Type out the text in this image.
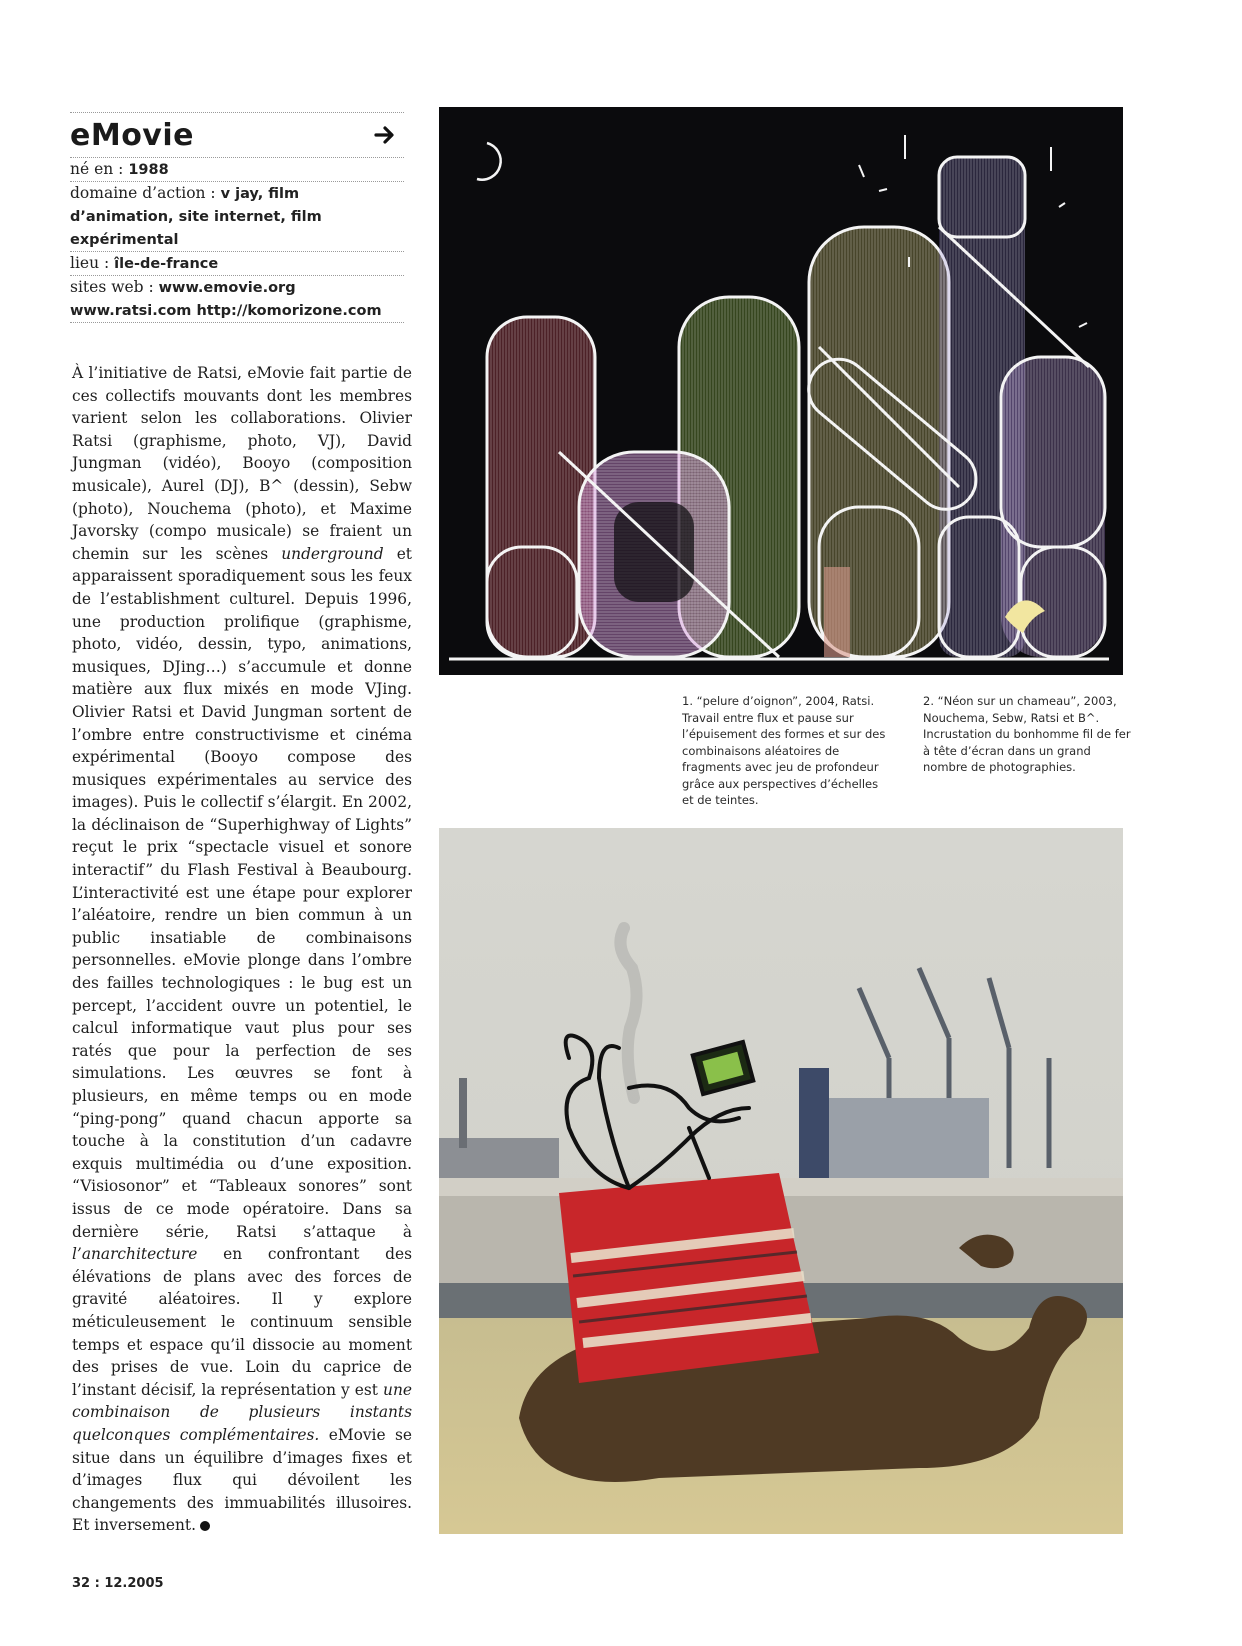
eMovie
né en : 1988
domaine d’action : v jay, film d’animation, site internet, film expérimental
lieu : île-de-france
sites web : www.emovie.org www.ratsi.com http://komorizone.com

À l’initiative de Ratsi, eMovie fait partie de ces collectifs mouvants dont les membres varient selon les collaborations. Olivier Ratsi (graphisme, photo, VJ), David Jungman (vidéo), Booyo (composition musicale), Aurel (DJ), B^ (dessin), Sebw (photo), Nouchema (photo), et Maxime Javorsky (compo musicale) se fraient un chemin sur les scènes underground et apparaissent sporadiquement sous les feux de l’establishment culturel. Depuis 1996, une production prolifique (graphisme, photo, vidéo, dessin, typo, animations, musiques, DJing…) s’accumule et donne matière aux flux mixés en mode VJing. Olivier Ratsi et David Jungman sortent de l’ombre entre constructivisme et cinéma expérimental (Booyo compose des musiques expérimentales au service des images). Puis le collectif s’élargit. En 2002, la déclinaison de “Superhighway of Lights” reçut le prix “spectacle visuel et sonore interactif” du Flash Festival à Beaubourg. L’interactivité est une étape pour explorer l’aléatoire, rendre un bien commun à un public insatiable de combinaisons personnelles. eMovie plonge dans l’ombre des failles technologiques : le bug est un percept, l’accident ouvre un potentiel, le calcul informatique vaut plus pour ses ratés que pour la perfection de ses simulations. Les œuvres se font à plusieurs, en même temps ou en mode “ping-pong” quand chacun apporte sa touche à la constitution d’un cadavre exquis multimédia ou d’une exposition. “Visiosonor” et “Tableaux sonores” sont issus de ce mode opératoire. Dans sa dernière série, Ratsi s’attaque à l’anarchitecture en confrontant des élévations de plans avec des forces de gravité aléatoires. Il y explore méticuleusement le continuum sensible temps et espace qu’il dissocie au moment des prises de vue. Loin du caprice de l’instant décisif, la représentation y est une combinaison de plusieurs instants quelconques complémentaires. eMovie se situe dans un équilibre d’images fixes et d’images flux qui dévoilent les changements des immuabilités illusoires. Et inversement.

1. “pelure d’oignon”, 2004, Ratsi. Travail entre flux et pause sur l’épuisement des formes et sur des combinaisons aléatoires de fragments avec jeu de profondeur grâce aux perspectives d’échelles et de teintes.
2. “Néon sur un chameau”, 2003, Nouchema, Sebw, Ratsi et B^. Incrustation du bonhomme fil de fer à tête d’écran dans un grand nombre de photographies.
32 : 12.2005
